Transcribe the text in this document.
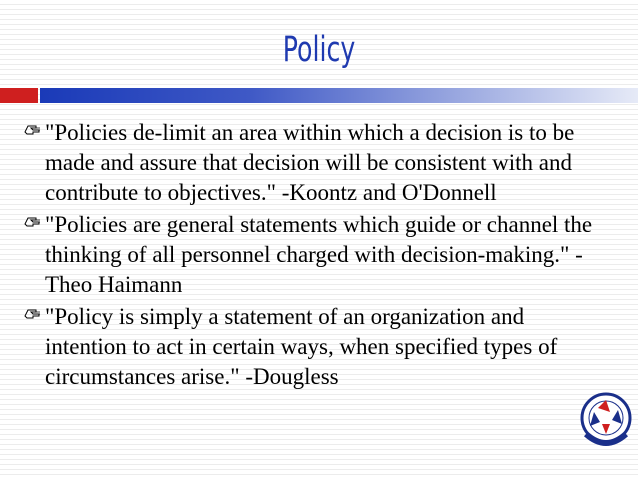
Policy
"Policies de-limit an area within which a decision is to be made and assure that decision will be consistent with and contribute to objectives." -Koontz and O'Donnell
"Policies are general statements which guide or channel the thinking of all personnel charged with decision-making." -Theo Haimann
"Policy is simply a statement of an organization and intention to act in certain ways, when specified types of circumstances arise." -Dougless
